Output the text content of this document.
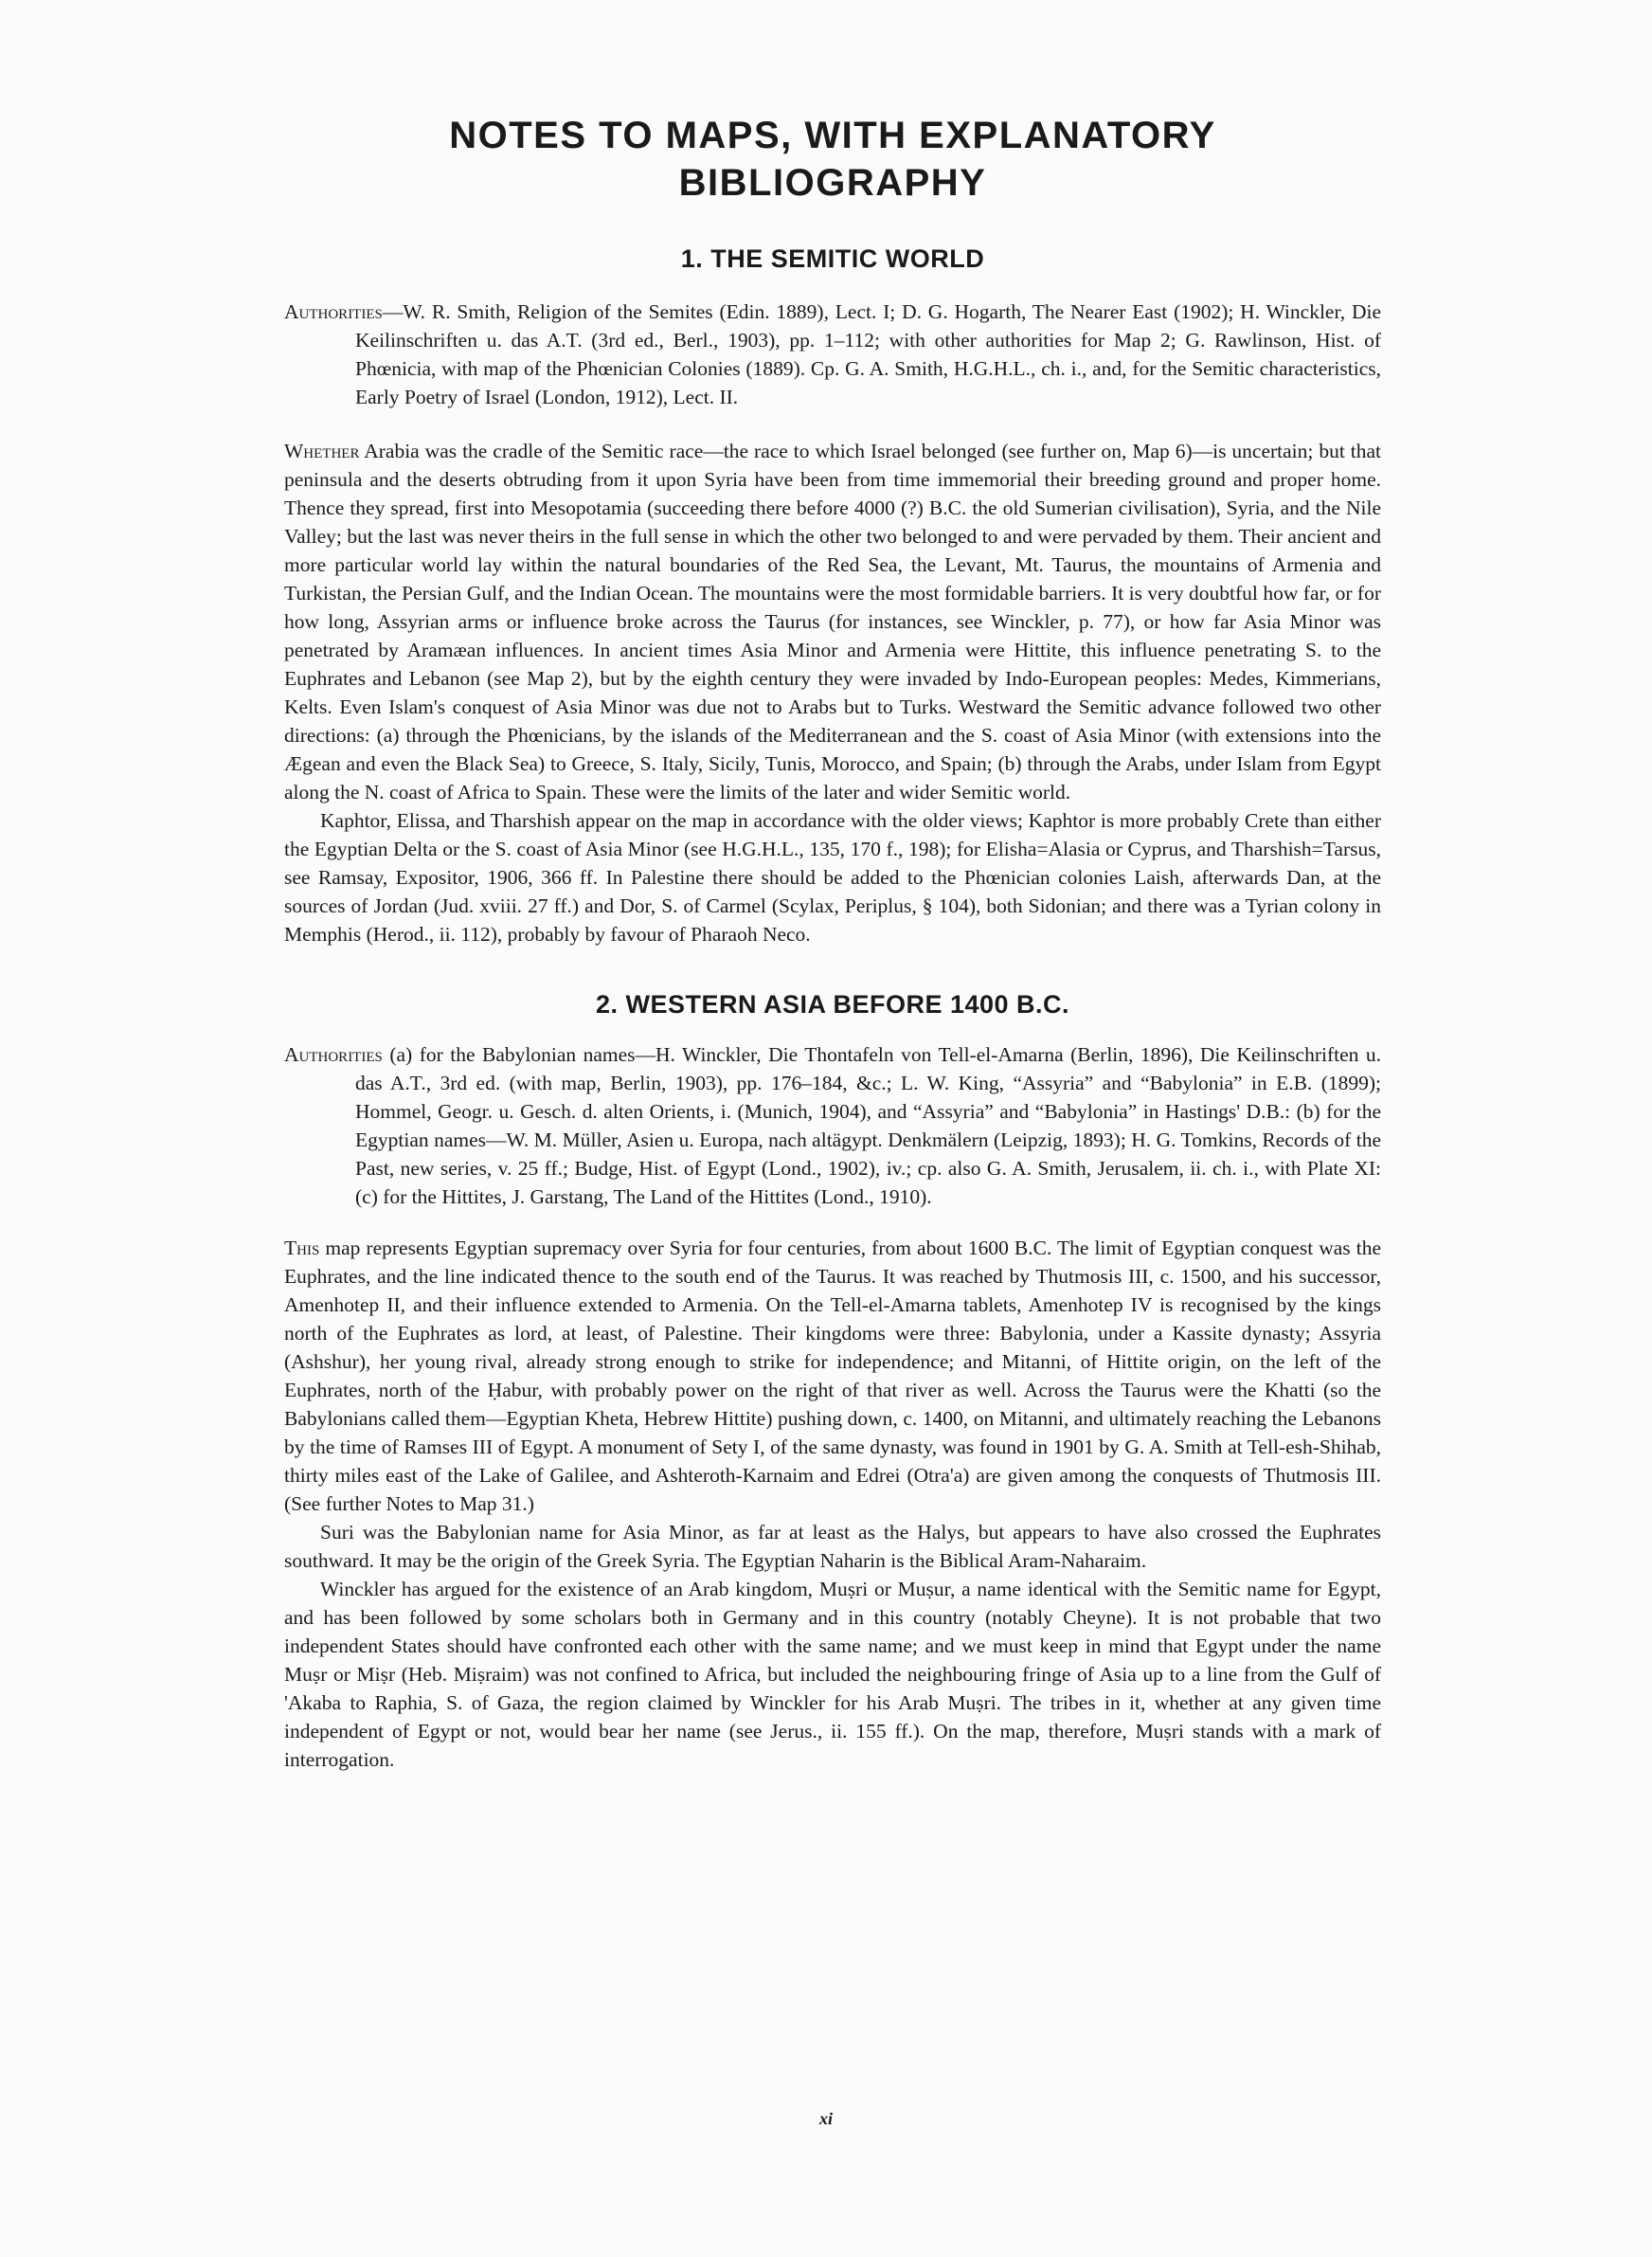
NOTES TO MAPS, WITH EXPLANATORY
BIBLIOGRAPHY
1. THE SEMITIC WORLD

Authorities—W. R. Smith, Religion of the Semites (Edin. 1889), Lect. I; D. G. Hogarth, The Nearer East (1902); H. Winckler, Die Keilinschriften u. das A.T. (3rd ed., Berl., 1903), pp. 1–112; with other authorities for Map 2; G. Rawlinson, Hist. of Phœnicia, with map of the Phœnician Colonies (1889). Cp. G. A. Smith, H.G.H.L., ch. i., and, for the Semitic characteristics, Early Poetry of Israel (London, 1912), Lect. II.

Whether Arabia was the cradle of the Semitic race—the race to which Israel belonged (see further on, Map 6)—is uncertain; but that peninsula and the deserts obtruding from it upon Syria have been from time immemorial their breeding ground and proper home. Thence they spread, first into Mesopotamia (succeeding there before 4000 (?) B.C. the old Sumerian civilisation), Syria, and the Nile Valley; but the last was never theirs in the full sense in which the other two belonged to and were pervaded by them. Their ancient and more particular world lay within the natural boundaries of the Red Sea, the Levant, Mt. Taurus, the mountains of Armenia and Turkistan, the Persian Gulf, and the Indian Ocean. The mountains were the most formidable barriers. It is very doubtful how far, or for how long, Assyrian arms or influence broke across the Taurus (for instances, see Winckler, p. 77), or how far Asia Minor was penetrated by Aramæan influences. In ancient times Asia Minor and Armenia were Hittite, this influence penetrating S. to the Euphrates and Lebanon (see Map 2), but by the eighth century they were invaded by Indo-European peoples: Medes, Kimmerians, Kelts. Even Islam's conquest of Asia Minor was due not to Arabs but to Turks. Westward the Semitic advance followed two other directions: (a) through the Phœnicians, by the islands of the Mediterranean and the S. coast of Asia Minor (with extensions into the Ægean and even the Black Sea) to Greece, S. Italy, Sicily, Tunis, Morocco, and Spain; (b) through the Arabs, under Islam from Egypt along the N. coast of Africa to Spain. These were the limits of the later and wider Semitic world.

Kaphtor, Elissa, and Tharshish appear on the map in accordance with the older views; Kaphtor is more probably Crete than either the Egyptian Delta or the S. coast of Asia Minor (see H.G.H.L., 135, 170 f., 198); for Elisha=Alasia or Cyprus, and Tharshish=Tarsus, see Ramsay, Expositor, 1906, 366 ff. In Palestine there should be added to the Phœnician colonies Laish, afterwards Dan, at the sources of Jordan (Jud. xviii. 27 ff.) and Dor, S. of Carmel (Scylax, Periplus, § 104), both Sidonian; and there was a Tyrian colony in Memphis (Herod., ii. 112), probably by favour of Pharaoh Neco.

2. WESTERN ASIA BEFORE 1400 B.C.

Authorities (a) for the Babylonian names—H. Winckler, Die Thontafeln von Tell-el-Amarna (Berlin, 1896), Die Keilinschriften u. das A.T., 3rd ed. (with map, Berlin, 1903), pp. 176–184, &c.; L. W. King, “Assyria” and “Babylonia” in E.B. (1899); Hommel, Geogr. u. Gesch. d. alten Orients, i. (Munich, 1904), and “Assyria” and “Babylonia” in Hastings' D.B.: (b) for the Egyptian names—W. M. Müller, Asien u. Europa, nach altägypt. Denkmälern (Leipzig, 1893); H. G. Tomkins, Records of the Past, new series, v. 25 ff.; Budge, Hist. of Egypt (Lond., 1902), iv.; cp. also G. A. Smith, Jerusalem, ii. ch. i., with Plate XI: (c) for the Hittites, J. Garstang, The Land of the Hittites (Lond., 1910).

This map represents Egyptian supremacy over Syria for four centuries, from about 1600 B.C. The limit of Egyptian conquest was the Euphrates, and the line indicated thence to the south end of the Taurus. It was reached by Thutmosis III, c. 1500, and his successor, Amenhotep II, and their influence extended to Armenia. On the Tell-el-Amarna tablets, Amenhotep IV is recognised by the kings north of the Euphrates as lord, at least, of Palestine. Their kingdoms were three: Babylonia, under a Kassite dynasty; Assyria (Ashshur), her young rival, already strong enough to strike for independence; and Mitanni, of Hittite origin, on the left of the Euphrates, north of the Ḥabur, with probably power on the right of that river as well. Across the Taurus were the Khatti (so the Babylonians called them—Egyptian Kheta, Hebrew Hittite) pushing down, c. 1400, on Mitanni, and ultimately reaching the Lebanons by the time of Ramses III of Egypt. A monument of Sety I, of the same dynasty, was found in 1901 by G. A. Smith at Tell-esh-Shihab, thirty miles east of the Lake of Galilee, and Ashteroth-Karnaim and Edrei (Otra'a) are given among the conquests of Thutmosis III. (See further Notes to Map 31.)

Suri was the Babylonian name for Asia Minor, as far at least as the Halys, but appears to have also crossed the Euphrates southward. It may be the origin of the Greek Syria. The Egyptian Naharin is the Biblical Aram-Naharaim.

Winckler has argued for the existence of an Arab kingdom, Muṣri or Muṣur, a name identical with the Semitic name for Egypt, and has been followed by some scholars both in Germany and in this country (notably Cheyne). It is not probable that two independent States should have confronted each other with the same name; and we must keep in mind that Egypt under the name Muṣr or Miṣr (Heb. Miṣraim) was not confined to Africa, but included the neighbouring fringe of Asia up to a line from the Gulf of 'Akaba to Raphia, S. of Gaza, the region claimed by Winckler for his Arab Muṣri. The tribes in it, whether at any given time independent of Egypt or not, would bear her name (see Jerus., ii. 155 ff.). On the map, therefore, Muṣri stands with a mark of interrogation.

xi
